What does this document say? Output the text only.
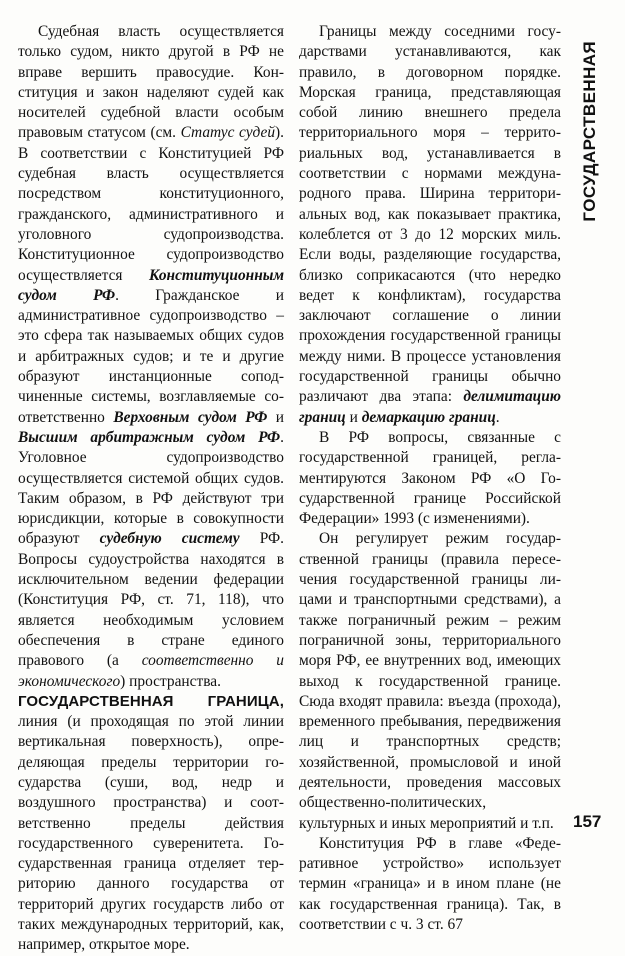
Судебная власть осуществляется только судом, никто другой в РФ не вправе вершить правосудие. Конституция и закон наделяют судей как носителей судебной власти особым правовым статусом (см. Статус судей). В соответствии с Конституцией РФ судебная власть осуществляется посредством конституционного, гражданского, административного и уголовного судопроизводства. Конституционное судопроизводство осуществляется Конституционным судом РФ. Гражданское и административное судопроизводство – это сфера так называемых общих судов и арбитражных судов; и те и другие образуют инстанционные соподчиненные системы, возглавляемые соответственно Верховным судом РФ и Высшим арбитражным судом РФ. Уголовное судопроизводство осуществляется системой общих судов. Таким образом, в РФ действуют три юрисдикции, которые в совокупности образуют судебную систему РФ. Вопросы судоустройства находятся в исключительном ведении федерации (Конституция РФ, ст. 71, 118), что является необходимым условием обеспечения в стране единого правового (а соответственно и экономического) пространства.

ГОСУДАРСТВЕННАЯ ГРАНИЦА, линия (и проходящая по этой линии вертикальная поверхность), определяющая пределы территории государства (суши, вод, недр и воздушного пространства) и соответственно пределы действия государственного суверенитета. Государственная граница отделяет территорию данного государства от территорий других государств либо от таких международных территорий, как, например, открытое море.

Границы между соседними государствами устанавливаются, как правило, в договорном порядке. Морская граница, представляющая собой линию внешнего предела территориального моря – территориальных вод, устанавливается в соответствии с нормами международного права. Ширина территориальных вод, как показывает практика, колеблется от 3 до 12 морских миль. Если воды, разделяющие государства, близко соприкасаются (что нередко ведет к конфликтам), государства заключают соглашение о линии прохождения государственной границы между ними. В процессе установления государственной границы обычно различают два этапа: делимитацию границ и демаркацию границ.

В РФ вопросы, связанные с государственной границей, регламентируются Законом РФ «О Государственной границе Российской Федерации» 1993 (с изменениями).

Он регулирует режим государственной границы (правила пересечения государственной границы лицами и транспортными средствами), а также пограничный режим – режим пограничной зоны, территориального моря РФ, ее внутренних вод, имеющих выход к государственной границе. Сюда входят правила: въезда (прохода), временного пребывания, передвижения лиц и транспортных средств; хозяйственной, промысловой и иной деятельности, проведения массовых общественно-политических, культурных и иных мероприятий и т.п.

Конституция РФ в главе «Федеративное устройство» использует термин «граница» и в ином плане (не как государственная граница). Так, в соответствии с ч. 3 ст. 67

ГОСУДАРСТВЕННАЯ
157
